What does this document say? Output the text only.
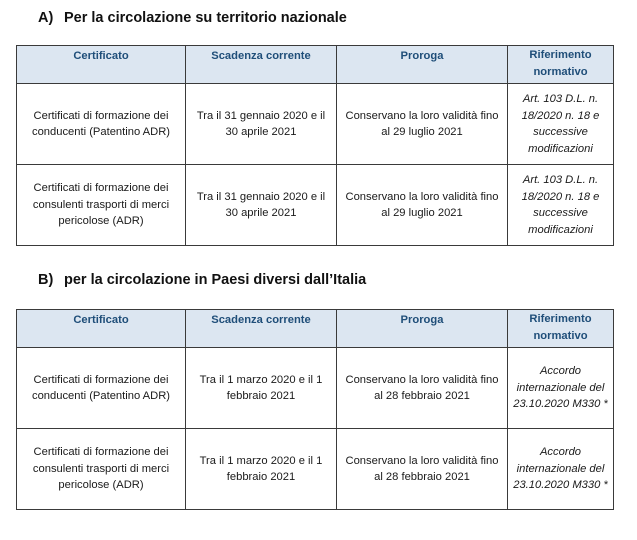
A) Per la circolazione su territorio nazionale
Certificato	Scadenza corrente	Proroga	Riferimento normativo
Certificati di formazione dei conducenti (Patentino ADR)	Tra il 31 gennaio 2020 e il 30 aprile 2021	Conservano la loro validità fino al 29 luglio 2021	Art. 103 D.L. n. 18/2020 n. 18 e successive modificazioni
Certificati di formazione dei consulenti trasporti di merci pericolose (ADR)	Tra il 31 gennaio 2020 e il 30 aprile 2021	Conservano la loro validità fino al 29 luglio 2021	Art. 103 D.L. n. 18/2020 n. 18 e successive modificazioni
B) per la circolazione in Paesi diversi dall’Italia
Certificato	Scadenza corrente	Proroga	Riferimento normativo
Certificati di formazione dei conducenti (Patentino ADR)	Tra il 1 marzo 2020 e il 1 febbraio 2021	Conservano la loro validità fino al 28 febbraio 2021	Accordo internazionale del 23.10.2020 M330 *
Certificati di formazione dei consulenti trasporti di merci pericolose (ADR)	Tra il 1 marzo 2020 e il 1 febbraio 2021	Conservano la loro validità fino al 28 febbraio 2021	Accordo internazionale del 23.10.2020 M330 *
